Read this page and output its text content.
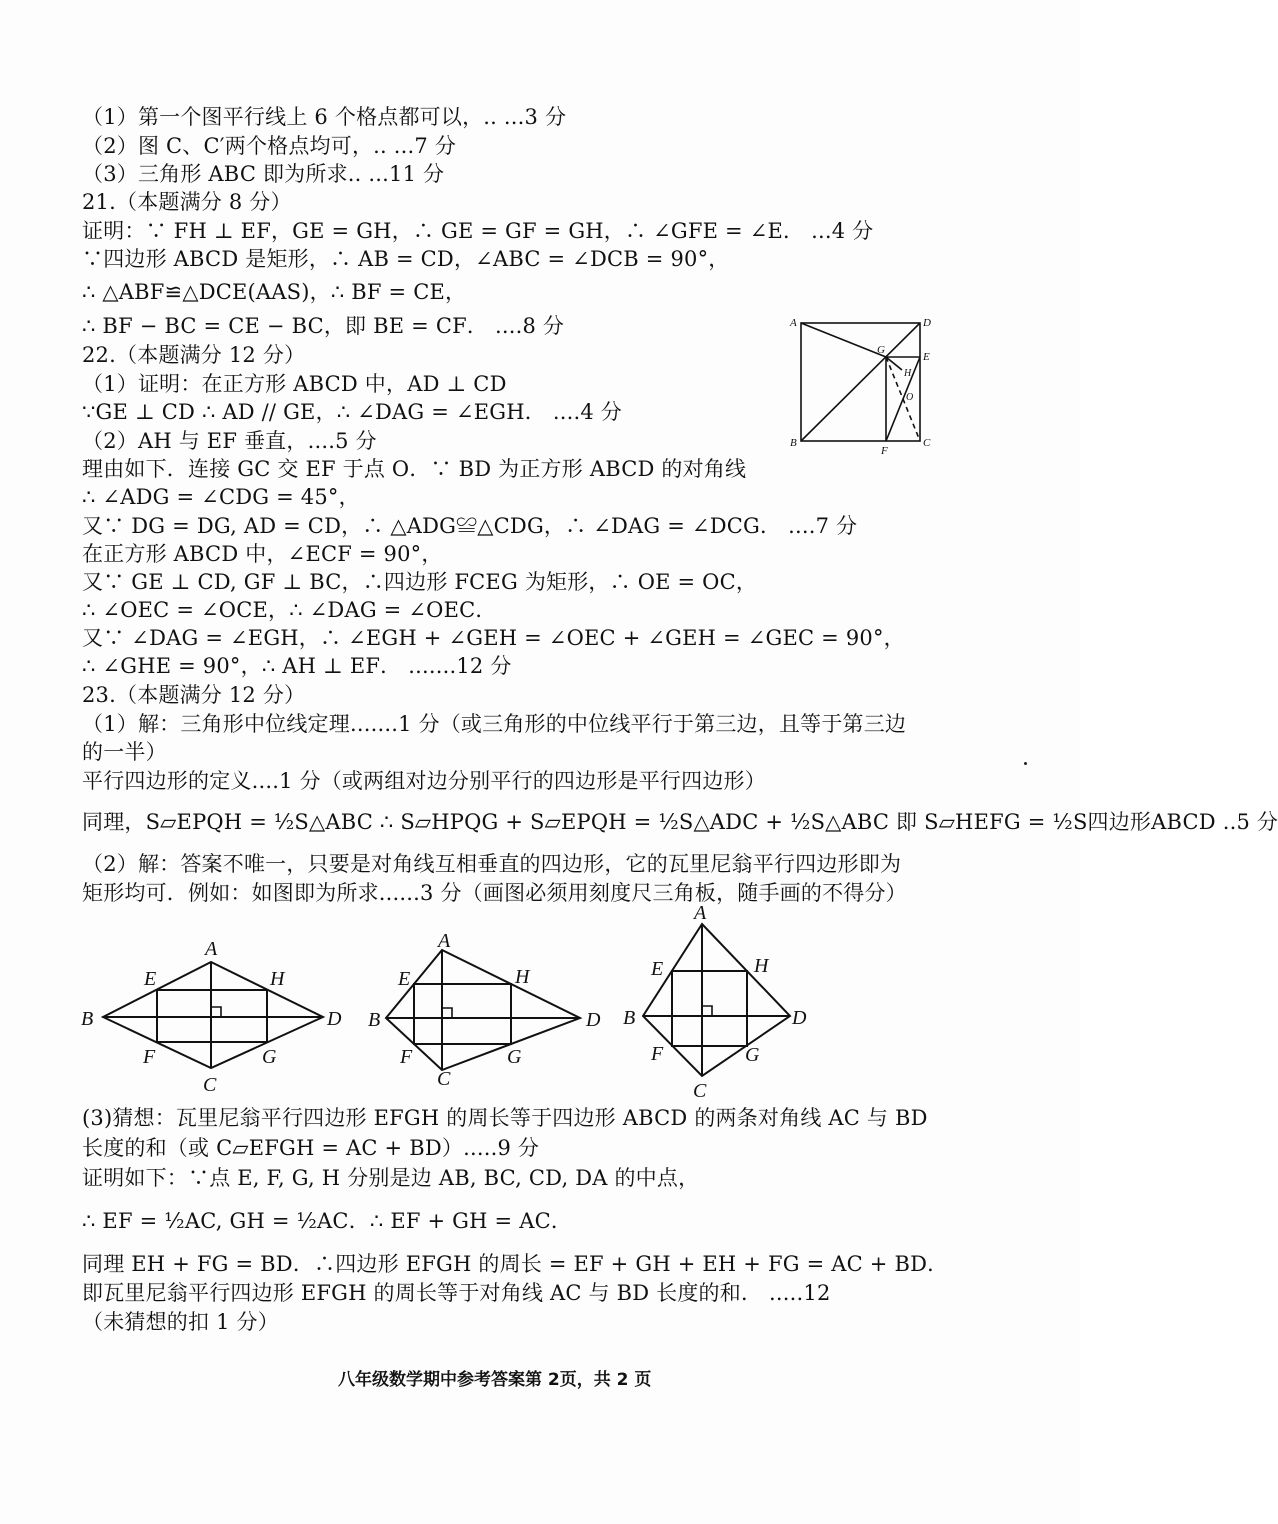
（1）第一个图平行线上 6 个格点都可以，.. ...3 分
（2）图 C、C′两个格点均可，.. ...7 分
（3）三角形 ABC 即为所求.. ...11 分
21.（本题满分 8 分）
证明：∵ FH ⊥ EF，GE = GH，∴ GE = GF = GH，∴ ∠GFE = ∠E． ...4 分
∵四边形 ABCD 是矩形，∴ AB = CD，∠ABC = ∠DCB = 90°，
∴ △ABF≌△DCE(AAS)，∴ BF = CE，
∴ BF − BC = CE − BC，即 BE = CF． ....8 分
22.（本题满分 12 分）
（1）证明：在正方形 ABCD 中，AD ⊥ CD
∵GE ⊥ CD ∴ AD // GE，∴ ∠DAG = ∠EGH． ....4 分
（2）AH 与 EF 垂直，....5 分
理由如下．连接 GC 交 EF 于点 O．∵ BD 为正方形 ABCD 的对角线
∴ ∠ADG = ∠CDG = 45°，
又∵ DG = DG, AD = CD，∴ △ADG≌△CDG，∴ ∠DAG = ∠DCG． ....7 分
在正方形 ABCD 中，∠ECF = 90°，
又∵ GE ⊥ CD, GF ⊥ BC，∴四边形 FCEG 为矩形，∴ OE = OC，
∴ ∠OEC = ∠OCE，∴ ∠DAG = ∠OEC．
又∵ ∠DAG = ∠EGH，∴ ∠EGH + ∠GEH = ∠OEC + ∠GEH = ∠GEC = 90°，
∴ ∠GHE = 90°，∴ AH ⊥ EF． .......12 分
23.（本题满分 12 分）
（1）解：三角形中位线定理.......1 分（或三角形的中位线平行于第三边，且等于第三边
的一半）
平行四边形的定义....1 分（或两组对边分别平行的四边形是平行四边形）
同理，S▱EPQH = ½S△ABC ∴ S▱HPQG + S▱EPQH = ½S△ADC + ½S△ABC 即 S▱HEFG = ½S四边形ABCD ..5 分
（2）解：答案不唯一，只要是对角线互相垂直的四边形，它的瓦里尼翁平行四边形即为
矩形均可．例如：如图即为所求......3 分（画图必须用刻度尺三角板，随手画的不得分）
(3)猜想：瓦里尼翁平行四边形 EFGH 的周长等于四边形 ABCD 的两条对角线 AC 与 BD
长度的和（或 C▱EFGH = AC + BD）.....9 分
证明如下：∵点 E, F, G, H 分别是边 AB, BC, CD, DA 的中点，
∴ EF = ½AC, GH = ½AC．∴ EF + GH = AC．
同理 EH + FG = BD．∴四边形 EFGH 的周长 = EF + GH + EH + FG = AC + BD．
即瓦里尼翁平行四边形 EFGH 的周长等于对角线 AC 与 BD 长度的和． .....12
（未猜想的扣 1 分）
八年级数学期中参考答案第 2页，共 2 页
A	D
G
E
H
O
B
F
C
A
B	D
C
E	H
F	G
A
B	D
C
E	H
F	G
A
B	D
C
E	H
F	G
